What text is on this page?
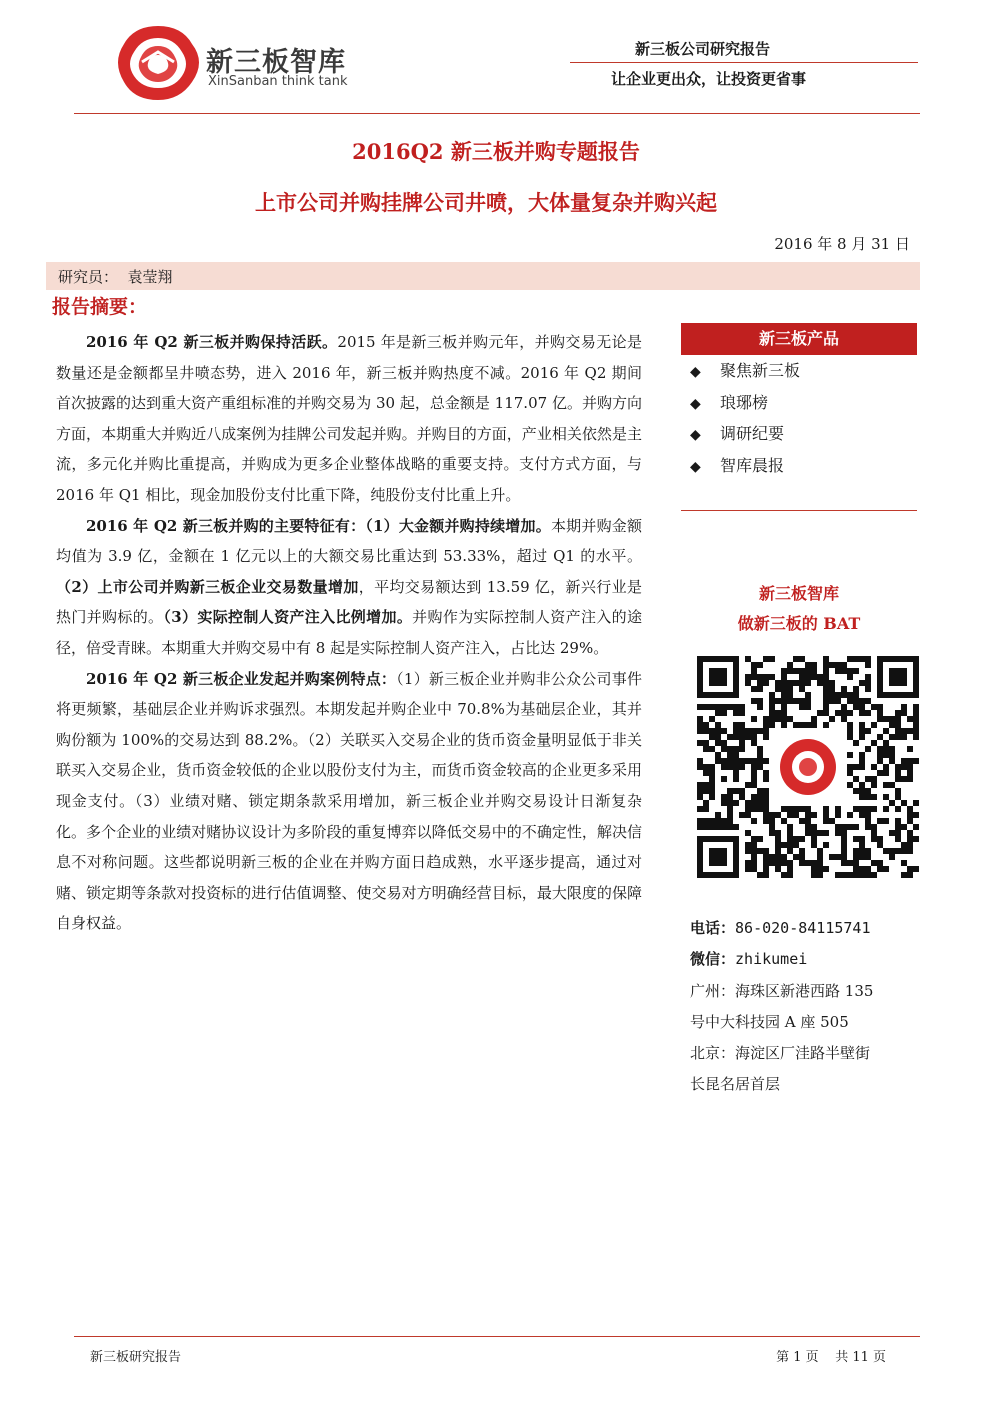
新三板智库
XinSanban think tank
新三板公司研究报告
让企业更出众，让投资更省事
2016Q2 新三板并购专题报告
上市公司并购挂牌公司井喷，大体量复杂并购兴起
2016 年 8 月 31 日
研究员：  袁莹翔
报告摘要：

2016 年 Q2 新三板并购保持活跃。2015 年是新三板并购元年，并购交易无论是数量还是金额都呈井喷态势，进入 2016 年，新三板并购热度不减。2016 年 Q2 期间首次披露的达到重大资产重组标准的并购交易为 30 起，总金额是 117.07 亿。并购方向方面，本期重大并购近八成案例为挂牌公司发起并购。并购目的方面，产业相关依然是主流，多元化并购比重提高，并购成为更多企业整体战略的重要支持。支付方式方面，与 2016 年 Q1 相比，现金加股份支付比重下降，纯股份支付比重上升。

2016 年 Q2 新三板并购的主要特征有：（1）大金额并购持续增加。本期并购金额均值为 3.9 亿，金额在 1 亿元以上的大额交易比重达到 53.33%，超过 Q1 的水平。（2）上市公司并购新三板企业交易数量增加，平均交易额达到 13.59 亿，新兴行业是热门并购标的。（3）实际控制人资产注入比例增加。并购作为实际控制人资产注入的途径，倍受青睐。本期重大并购交易中有 8 起是实际控制人资产注入，占比达 29%。

2016 年 Q2 新三板企业发起并购案例特点：（1）新三板企业并购非公众公司事件将更频繁，基础层企业并购诉求强烈。本期发起并购企业中 70.8%为基础层企业，其并购份额为 100%的交易达到 88.2%。（2）关联买入交易企业的货币资金量明显低于非关联买入交易企业，货币资金较低的企业以股份支付为主，而货币资金较高的企业更多采用现金支付。（3）业绩对赌、锁定期条款采用增加，新三板企业并购交易设计日渐复杂化。多个企业的业绩对赌协议设计为多阶段的重复博弈以降低交易中的不确定性，解决信息不对称问题。这些都说明新三板的企业在并购方面日趋成熟，水平逐步提高，通过对赌、锁定期等条款对投资标的进行估值调整、使交易对方明确经营目标，最大限度的保障自身权益。

新三板产品
◆ 聚焦新三板
◆ 琅琊榜
◆ 调研纪要
◆ 智库晨报
新三板智库
做新三板的 BAT
电话：86-020-84115741
微信：zhikumei
广州：海珠区新港西路 135
号中大科技园 A 座 505
北京：海淀区厂洼路半壁街
长昆名居首层
新三板研究报告	第 1 页 共 11 页
